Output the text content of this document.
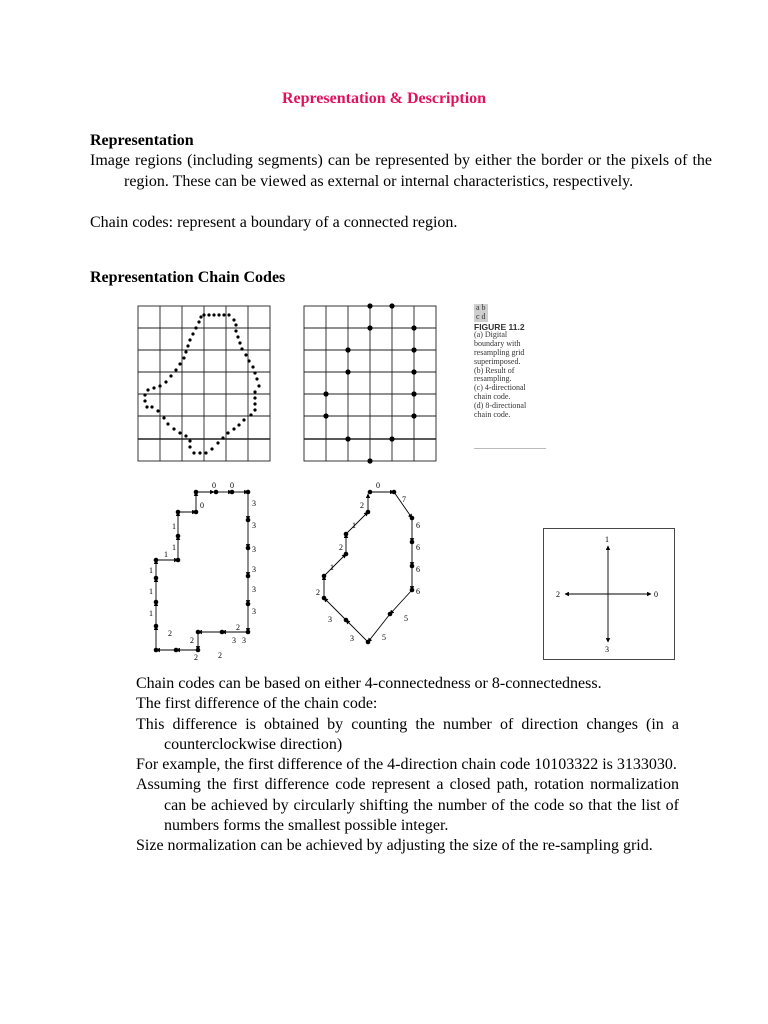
Representation & Description
Representation
Image regions (including segments) can be represented by either the border or the pixels of the region. These can be viewed as external or internal characteristics, respectively.
Chain codes: represent a boundary of a connected region.
Representation Chain Codes
a b
c d
FIGURE 11.2
(a) Digital
boundary with
resampling grid
superimposed.
(b) Result of
resampling.
(c) 4-directional
chain code.
(d) 8-directional
chain code.
0 0
0
1
1
1
1
1
1
2
2
2	2
2
3
3
3
3
3
3
3 3
0
7
2
1
2
1
2
3
3	5
5
6
6
6
6
1
2	0
3

Chain codes can be based on either 4-connectedness or 8-connectedness.

The first difference of the chain code:

This difference is obtained by counting the number of direction changes (in a counterclockwise direction)

For example, the first difference of the 4-direction chain code 10103322 is 3133030.

Assuming the first difference code represent a closed path, rotation normalization can be achieved by circularly shifting the number of the code so that the list of numbers forms the smallest possible integer.

Size normalization can be achieved by adjusting the size of the re-sampling grid.
